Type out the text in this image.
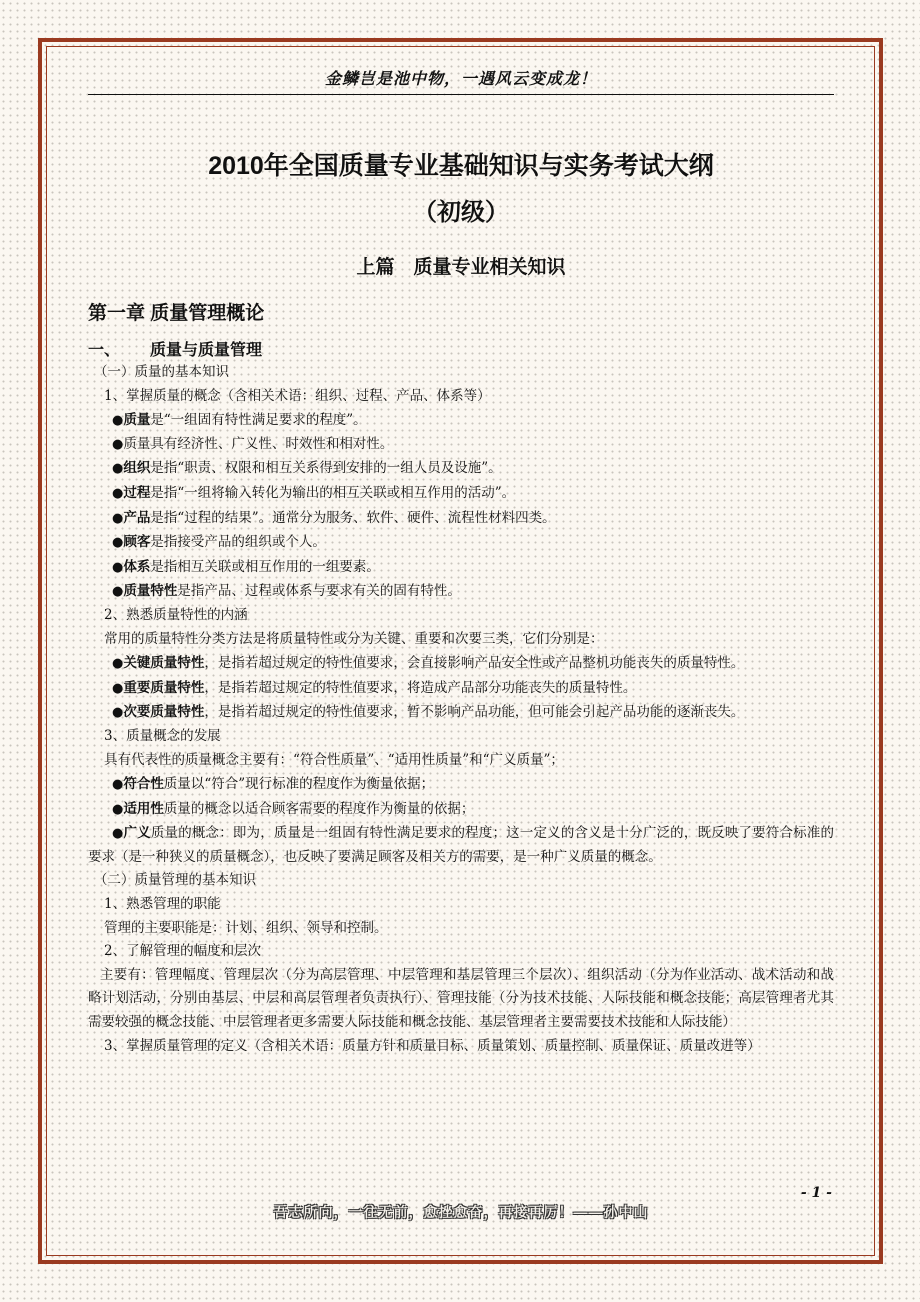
金鳞岂是池中物，一遇风云变成龙！
2010年全国质量专业基础知识与实务考试大纲
（初级）
上篇　质量专业相关知识
第一章 质量管理概论
一、 质量与质量管理

（一）质量的基本知识

1、掌握质量的概念（含相关术语：组织、过程、产品、体系等）

●质量是“一组固有特性满足要求的程度”。

●质量具有经济性、广义性、时效性和相对性。

●组织是指“职责、权限和相互关系得到安排的一组人员及设施”。

●过程是指“一组将输入转化为输出的相互关联或相互作用的活动”。

●产品是指“过程的结果”。通常分为服务、软件、硬件、流程性材料四类。

●顾客是指接受产品的组织或个人。

●体系是指相互关联或相互作用的一组要素。

●质量特性是指产品、过程或体系与要求有关的固有特性。

2、熟悉质量特性的内涵

常用的质量特性分类方法是将质量特性或分为关键、重要和次要三类，它们分别是：

●关键质量特性，是指若超过规定的特性值要求，会直接影响产品安全性或产品整机功能丧失的质量特性。

●重要质量特性，是指若超过规定的特性值要求，将造成产品部分功能丧失的质量特性。

●次要质量特性，是指若超过规定的特性值要求，暂不影响产品功能，但可能会引起产品功能的逐渐丧失。

3、质量概念的发展

具有代表性的质量概念主要有：“符合性质量”、“适用性质量”和“广义质量”；

●符合性质量以“符合”现行标准的程度作为衡量依据；

●适用性质量的概念以适合顾客需要的程度作为衡量的依据；

●广义质量的概念：即为，质量是一组固有特性满足要求的程度；这一定义的含义是十分广泛的，既反映了要符合标准的要求（是一种狭义的质量概念），也反映了要满足顾客及相关方的需要，是一种广义质量的概念。

（二）质量管理的基本知识

1、熟悉管理的职能

管理的主要职能是：计划、组织、领导和控制。

2、了解管理的幅度和层次

主要有：管理幅度、管理层次（分为高层管理、中层管理和基层管理三个层次）、组织活动（分为作业活动、战术活动和战略计划活动，分别由基层、中层和高层管理者负责执行）、管理技能（分为技术技能、人际技能和概念技能；高层管理者尤其需要较强的概念技能、中层管理者更多需要人际技能和概念技能、基层管理者主要需要技术技能和人际技能）

3、掌握质量管理的定义（含相关术语：质量方针和质量目标、质量策划、质量控制、质量保证、质量改进等）

- 1 -
吾志所向，一往无前，愈挫愈奋，再接再厉！——孙中山
